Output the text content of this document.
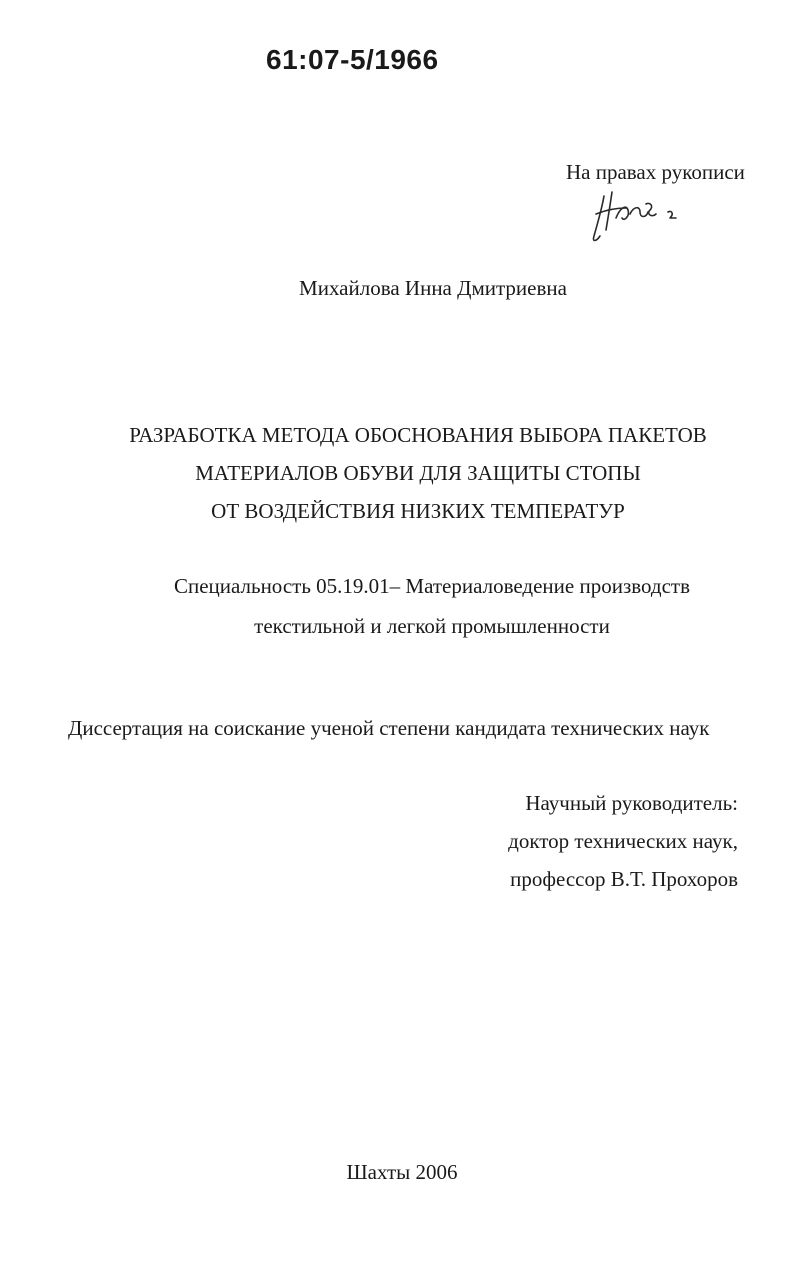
61:07-5/1966
На правах рукописи
Михайлова Инна Дмитриевна
РАЗРАБОТКА МЕТОДА ОБОСНОВАНИЯ ВЫБОРА ПАКЕТОВ
МАТЕРИАЛОВ ОБУВИ ДЛЯ ЗАЩИТЫ СТОПЫ
ОТ ВОЗДЕЙСТВИЯ НИЗКИХ ТЕМПЕРАТУР
Специальность 05.19.01– Материаловедение производств
текстильной и легкой промышленности
Диссертация на соискание ученой степени кандидата технических наук
Научный руководитель:
доктор технических наук,
профессор В.Т. Прохоров
Шахты 2006
